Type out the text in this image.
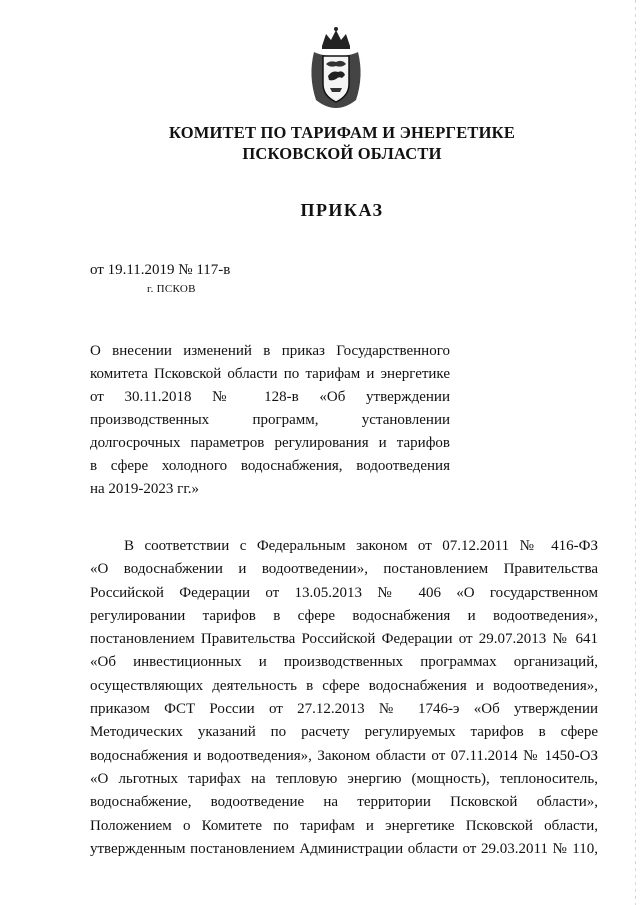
КОМИТЕТ ПО ТАРИФАМ И ЭНЕРГЕТИКЕ
ПСКОВСКОЙ ОБЛАСТИ
ПРИКАЗ
от 19.11.2019 № 117-в
г. ПСКОВ
О внесении изменений в приказ Государственного
комитета Псковской области по тарифам и энергетике
от 30.11.2018 № 128-в «Об утверждении
производственных программ, установлении
долгосрочных параметров регулирования и тарифов
в сфере холодного водоснабжения, водоотведения
на 2019-2023 гг.»
В соответствии с Федеральным законом от 07.12.2011 № 416-ФЗ
«О водоснабжении и водоотведении», постановлением Правительства
Российской Федерации от 13.05.2013 № 406 «О государственном
регулировании тарифов в сфере водоснабжения и водоотведения»,
постановлением Правительства Российской Федерации от 29.07.2013 № 641
«Об инвестиционных и производственных программах организаций,
осуществляющих деятельность в сфере водоснабжения и водоотведения»,
приказом ФСТ России от 27.12.2013 № 1746-э «Об утверждении
Методических указаний по расчету регулируемых тарифов в сфере
водоснабжения и водоотведения», Законом области от 07.11.2014 № 1450-ОЗ
«О льготных тарифах на тепловую энергию (мощность), теплоноситель,
водоснабжение, водоотведение на территории Псковской области»,
Положением о Комитете по тарифам и энергетике Псковской области,
утвержденным постановлением Администрации области от 29.03.2011 № 110,
